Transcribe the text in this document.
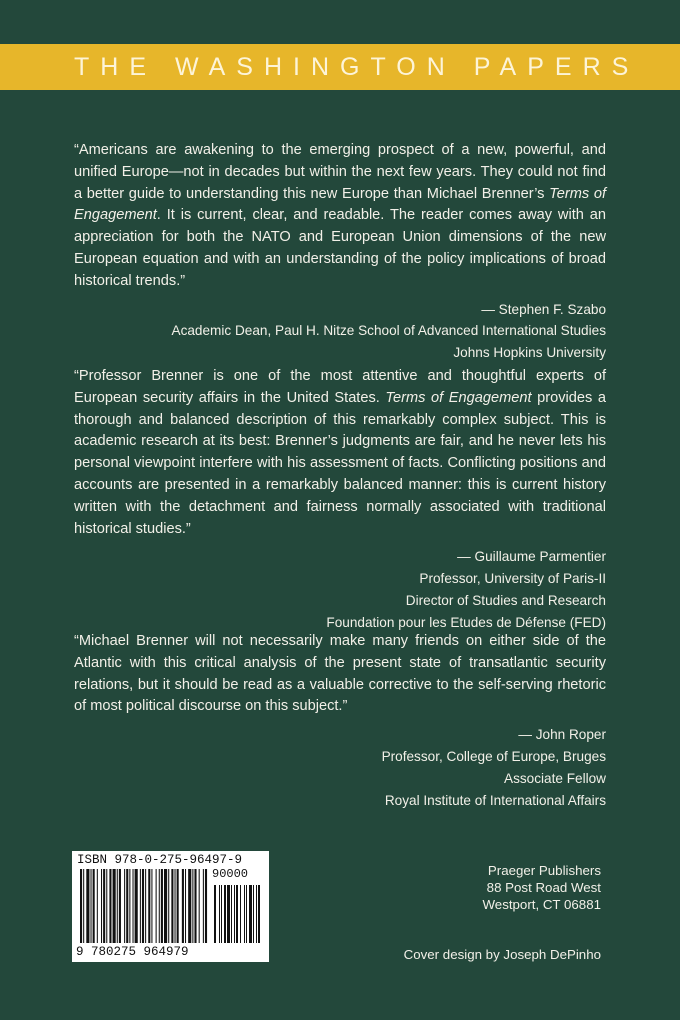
THE WASHINGTON PAPERS

“Americans are awakening to the emerging prospect of a new, powerful, and unified Europe—not in decades but within the next few years. They could not find a better guide to understanding this new Europe than Michael Brenner’s Terms of Engagement. It is current, clear, and readable. The reader comes away with an appreciation for both the NATO and European Union dimensions of the new European equation and with an understanding of the policy implications of broad historical trends.”

— Stephen F. Szabo
Academic Dean, Paul H. Nitze School of Advanced International Studies
Johns Hopkins University

“Professor Brenner is one of the most attentive and thoughtful experts of European security affairs in the United States. Terms of Engagement provides a thorough and balanced description of this remarkably complex subject. This is academic research at its best: Brenner’s judgments are fair, and he never lets his personal viewpoint interfere with his assessment of facts. Conflicting positions and accounts are presented in a remarkably balanced manner: this is current history written with the detachment and fairness normally associated with traditional historical studies.”

— Guillaume Parmentier
Professor, University of Paris-II
Director of Studies and Research
Foundation pour les Etudes de Défense (FED)

“Michael Brenner will not necessarily make many friends on either side of the Atlantic with this critical analysis of the present state of transatlantic security relations, but it should be read as a valuable corrective to the self-serving rhetoric of most political discourse on this subject.”

— John Roper
Professor, College of Europe, Bruges
Associate Fellow
Royal Institute of International Affairs
ISBN 978-0-275-96497-9
90000
9 780275 964979
Praeger Publishers
88 Post Road West
Westport, CT 06881
Cover design by Joseph DePinho
